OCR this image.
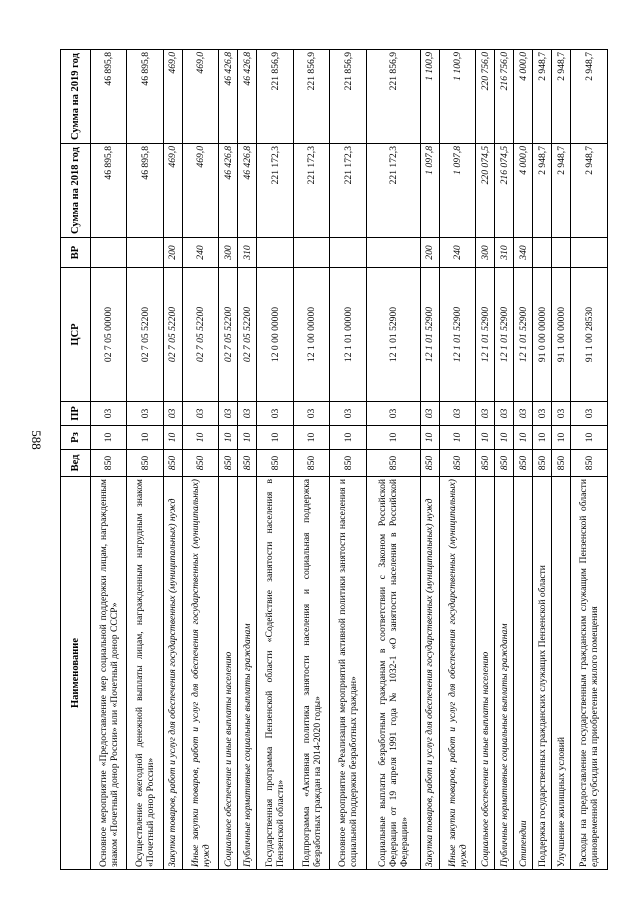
588
Наименование	Вед	Рз	ПР	ЦСР	ВР	Сумма на 2018 год	Сумма на 2019 год
Основное мероприятие «Предоставление мер социальной поддержки лицам, награжденным знаком «Почетный донор России» или «Почетный донор СССР»	850	10	03	02 7 05 00000		46 895,8	46 895,8
Осуществление ежегодной денежной выплаты лицам, награжденным нагрудным знаком «Почетный донор России»	850	10	03	02 7 05 52200		46 895,8	46 895,8
Закупка товаров, работ и услуг для обеспечения государственных (муниципальных) нужд	850	10	03	02 7 05 52200	200	469,0	469,0
Иные закупки товаров, работ и услуг для обеспечения государственных (муниципальных) нужд	850	10	03	02 7 05 52200	240	469,0	469,0
Социальное обеспечение и иные выплаты населению	850	10	03	02 7 05 52200	300	46 426,8	46 426,8
Публичные нормативные социальные выплаты гражданам	850	10	03	02 7 05 52200	310	46 426,8	46 426,8
Государственная программа Пензенской области «Содействие занятости населения в Пензенской области»	850	10	03	12 0 00 00000		221 172,3	221 856,9
Подпрограмма «Активная политика занятости населения и социальная поддержка безработных граждан на 2014-2020 годы»	850	10	03	12 1 00 00000		221 172,3	221 856,9
Основное мероприятие «Реализация мероприятий активной политики занятости населения и социальной поддержки безработных граждан»	850	10	03	12 1 01 00000		221 172,3	221 856,9
Социальные выплаты безработным гражданам в соответствии с Законом Российской Федерации от 19 апреля 1991 года № 1032-1 «О занятости населения в Российской Федерации»	850	10	03	12 1 01 52900		221 172,3	221 856,9
Закупка товаров, работ и услуг для обеспечения государственных (муниципальных) нужд	850	10	03	12 1 01 52900	200	1 097,8	1 100,9
Иные закупки товаров, работ и услуг для обеспечения государственных (муниципальных) нужд	850	10	03	12 1 01 52900	240	1 097,8	1 100,9
Социальное обеспечение и иные выплаты населению	850	10	03	12 1 01 52900	300	220 074,5	220 756,0
Публичные нормативные социальные выплаты гражданам	850	10	03	12 1 01 52900	310	216 074,5	216 756,0
Стипендии	850	10	03	12 1 01 52900	340	4 000,0	4 000,0
Поддержка государственных гражданских служащих Пензенской области	850	10	03	91 0 00 00000		2 948,7	2 948,7
Улучшение жилищных условий	850	10	03	91 1 00 00000		2 948,7	2 948,7
Расходы на предоставление государственным гражданским служащим Пензенской области единовременной субсидии на приобретение жилого помещения	850	10	03	91 1 00 28530		2 948,7	2 948,7
